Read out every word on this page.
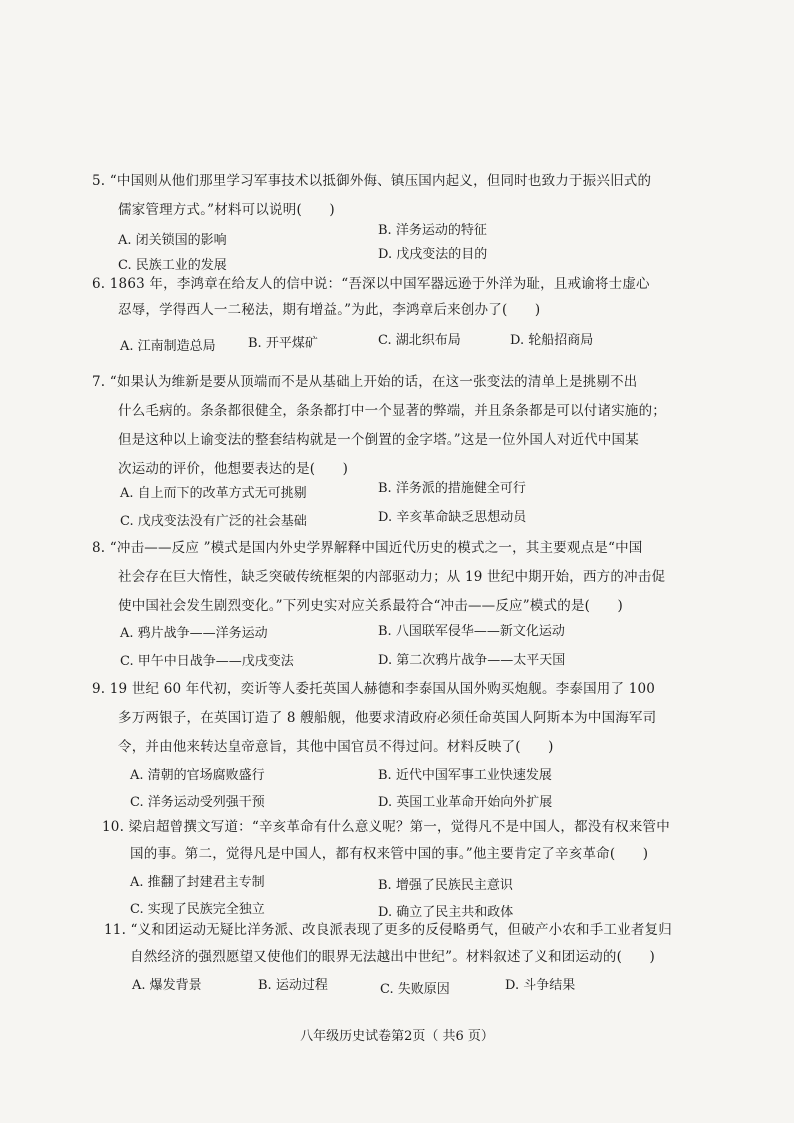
5. “中国则从他们那里学习军事技术以抵御外侮、镇压国内起义，但同时也致力于振兴旧式的
儒家管理方式。”材料可以说明(　　)
A. 闭关锁国的影响
B. 洋务运动的特征
C. 民族工业的发展
D. 戊戌变法的目的
6. 1863 年，李鸿章在给友人的信中说：“吾深以中国军器远逊于外洋为耻，且戒谕将士虚心
忍辱，学得西人一二秘法，期有增益。”为此，李鸿章后来创办了(　　)
A. 江南制造总局 B. 开平煤矿	C. 湖北织布局	D. 轮船招商局
7. “如果认为维新是要从顶端而不是从基础上开始的话，在这一张变法的清单上是挑剔不出
什么毛病的。条条都很健全，条条都打中一个显著的弊端，并且条条都是可以付诸实施的；
但是这种以上谕变法的整套结构就是一个倒置的金字塔。”这是一位外国人对近代中国某
次运动的评价，他想要表达的是(　　)
A. 自上而下的改革方式无可挑剔	B. 洋务派的措施健全可行
C. 戊戌变法没有广泛的社会基础	D. 辛亥革命缺乏思想动员
8. “冲击——反应 ”模式是国内外史学界解释中国近代历史的模式之一，其主要观点是“中国
社会存在巨大惰性，缺乏突破传统框架的内部驱动力；从 19 世纪中期开始，西方的冲击促
使中国社会发生剧烈变化。”下列史实对应关系最符合“冲击——反应”模式的是(　　)
A. 鸦片战争——洋务运动	B. 八国联军侵华——新文化运动
C. 甲午中日战争——戊戌变法	D. 第二次鸦片战争——太平天国
9. 19 世纪 60 年代初，奕䜣等人委托英国人赫德和李泰国从国外购买炮舰。李泰国用了 100
多万两银子，在英国订造了 8 艘船舰，他要求清政府必须任命英国人阿斯本为中国海军司
令，并由他来转达皇帝意旨，其他中国官员不得过问。材料反映了(　　)
A. 清朝的官场腐败盛行	B. 近代中国军事工业快速发展
C. 洋务运动受列强干预	D. 英国工业革命开始向外扩展
10. 梁启超曾撰文写道：“辛亥革命有什么意义呢？第一，觉得凡不是中国人，都没有权来管中
国的事。第二，觉得凡是中国人，都有权来管中国的事。”他主要肯定了辛亥革命(　　)
A. 推翻了封建君主专制	B. 增强了民族民主意识
C. 实现了民族完全独立	D. 确立了民主共和政体
11. “义和团运动无疑比洋务派、改良派表现了更多的反侵略勇气，但破产小农和手工业者复归
自然经济的强烈愿望又使他们的眼界无法越出中世纪”。材料叙述了义和团运动的(　　)
A. 爆发背景	B. 运动过程	C. 失败原因	D. 斗争结果
八年级历史试卷第2页（ 共6 页）
